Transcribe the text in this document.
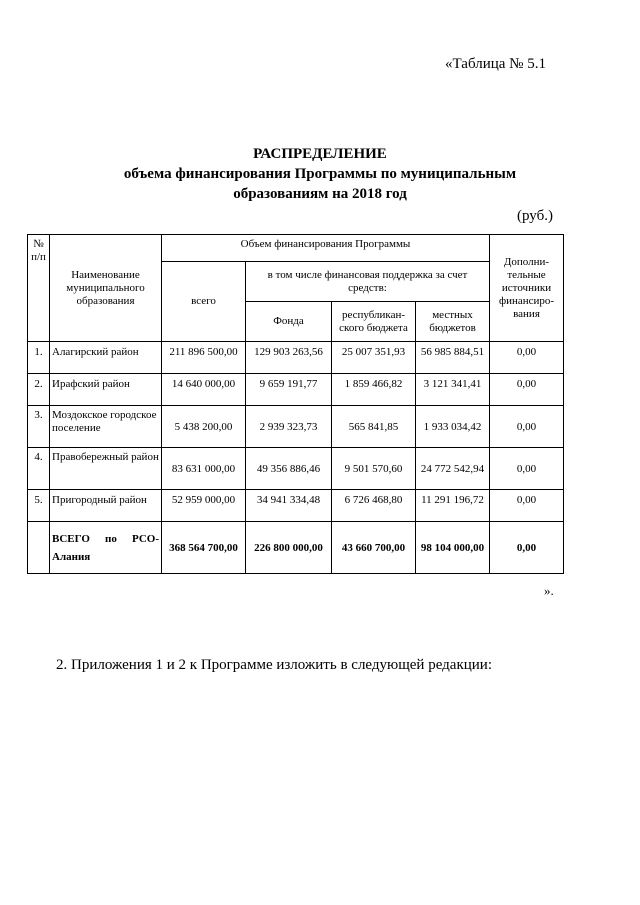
«Таблица № 5.1
РАСПРЕДЕЛЕНИЕ
объема финансирования Программы по муниципальным
образованиям на 2018 год
(руб.)
№ п/п	Наименование муниципального образования	Объем финансирования Программы				Дополни-тельные источники финансиро-вания
		всего	в том числе финансовая поддержка за счет средств:			
			Фонда	республикан-ского бюджета	местных бюджетов	
1.	Алагирский район	211 896 500,00	129 903 263,56	25 007 351,93	56 985 884,51	0,00
2.	Ирафский район	14 640 000,00	9 659 191,77	1 859 466,82	3 121 341,41	0,00
3.	Моздокское городское поселение	5 438 200,00	2 939 323,73	565 841,85	1 933 034,42	0,00
4.	Правобережный район	83 631 000,00	49 356 886,46	9 501 570,60	24 772 542,94	0,00
5.	Пригородный район	52 959 000,00	34 941 334,48	6 726 468,80	11 291 196,72	0,00
	ВСЕГО по РСО-Алания	368 564 700,00	226 800 000,00	43 660 700,00	98 104 000,00	0,00
».
2. Приложения 1 и 2 к Программе изложить в следующей редакции:
